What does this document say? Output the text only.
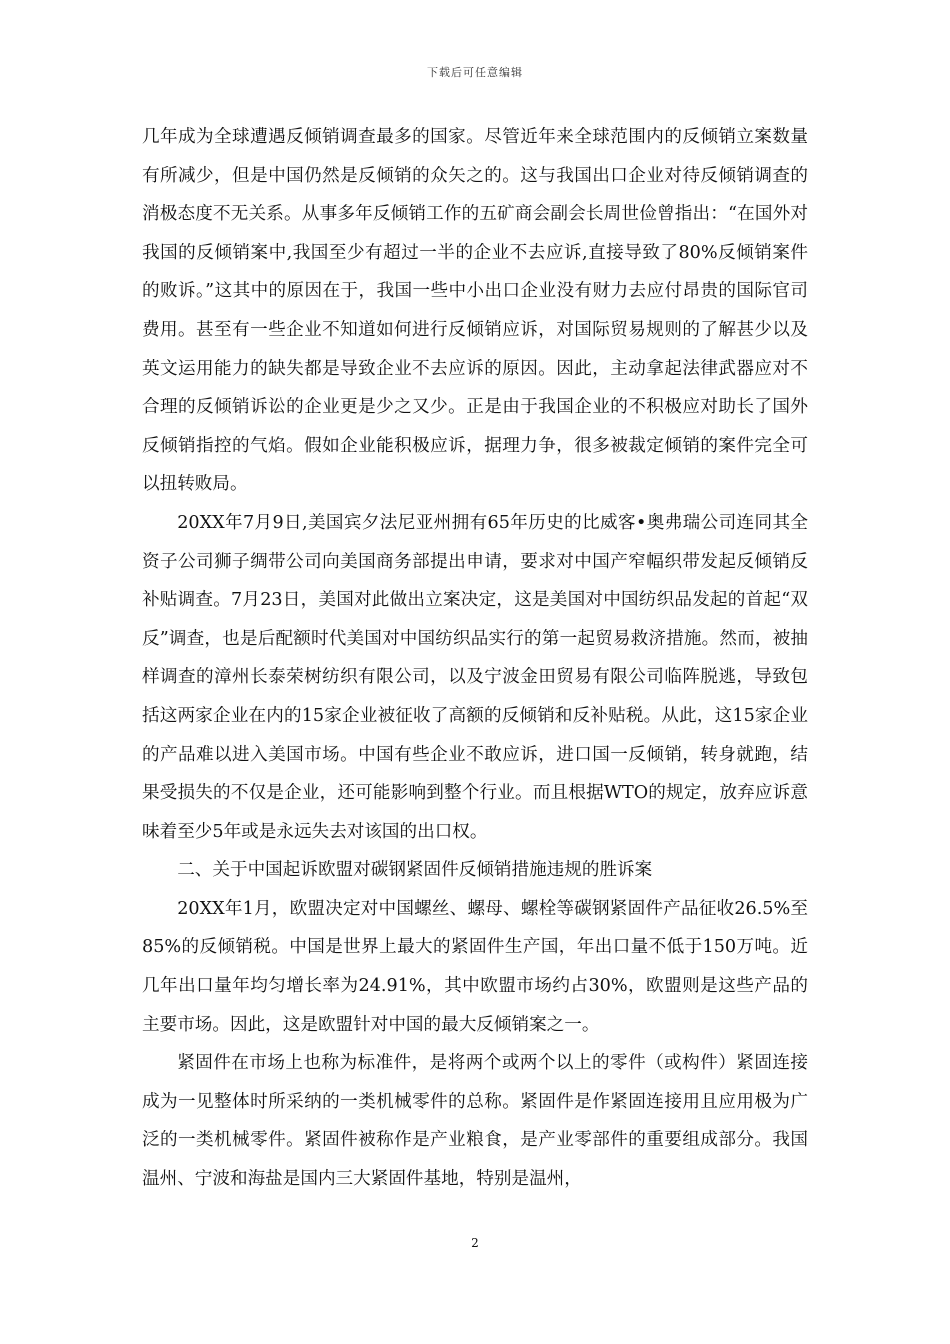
下载后可任意编辑

几年成为全球遭遇反倾销调查最多的国家。尽管近年来全球范围内的反倾销立案数量有所减少，但是中国仍然是反倾销的众矢之的。这与我国出口企业对待反倾销调查的消极态度不无关系。从事多年反倾销工作的五矿商会副会长周世俭曾指出：“在国外对我国的反倾销案中,我国至少有超过一半的企业不去应诉,直接导致了80%反倾销案件的败诉。”这其中的原因在于，我国一些中小出口企业没有财力去应付昂贵的国际官司费用。甚至有一些企业不知道如何进行反倾销应诉，对国际贸易规则的了解甚少以及英文运用能力的缺失都是导致企业不去应诉的原因。因此，主动拿起法律武器应对不合理的反倾销诉讼的企业更是少之又少。正是由于我国企业的不积极应对助长了国外反倾销指控的气焰。假如企业能积极应诉，据理力争，很多被裁定倾销的案件完全可以扭转败局。

20XX年7月9日,美国宾夕法尼亚州拥有65年历史的比威客•奥弗瑞公司连同其全资子公司狮子绸带公司向美国商务部提出申请，要求对中国产窄幅织带发起反倾销反补贴调查。7月23日，美国对此做出立案决定，这是美国对中国纺织品发起的首起“双反”调查，也是后配额时代美国对中国纺织品实行的第一起贸易救济措施。然而，被抽样调查的漳州长泰荣树纺织有限公司，以及宁波金田贸易有限公司临阵脱逃，导致包括这两家企业在内的15家企业被征收了高额的反倾销和反补贴税。从此，这15家企业的产品难以进入美国市场。中国有些企业不敢应诉，进口国一反倾销，转身就跑，结果受损失的不仅是企业，还可能影响到整个行业。而且根据WTO的规定，放弃应诉意味着至少5年或是永远失去对该国的出口权。

二、关于中国起诉欧盟对碳钢紧固件反倾销措施违规的胜诉案

20XX年1月，欧盟决定对中国螺丝、螺母、螺栓等碳钢紧固件产品征收26.5%至85%的反倾销税。中国是世界上最大的紧固件生产国，年出口量不低于150万吨。近几年出口量年均匀增长率为24.91%，其中欧盟市场约占30%，欧盟则是这些产品的主要市场。因此，这是欧盟针对中国的最大反倾销案之一。

紧固件在市场上也称为标准件，是将两个或两个以上的零件（或构件）紧固连接成为一见整体时所采纳的一类机械零件的总称。紧固件是作紧固连接用且应用极为广泛的一类机械零件。紧固件被称作是产业粮食，是产业零部件的重要组成部分。我国温州、宁波和海盐是国内三大紧固件基地，特别是温州，

2
